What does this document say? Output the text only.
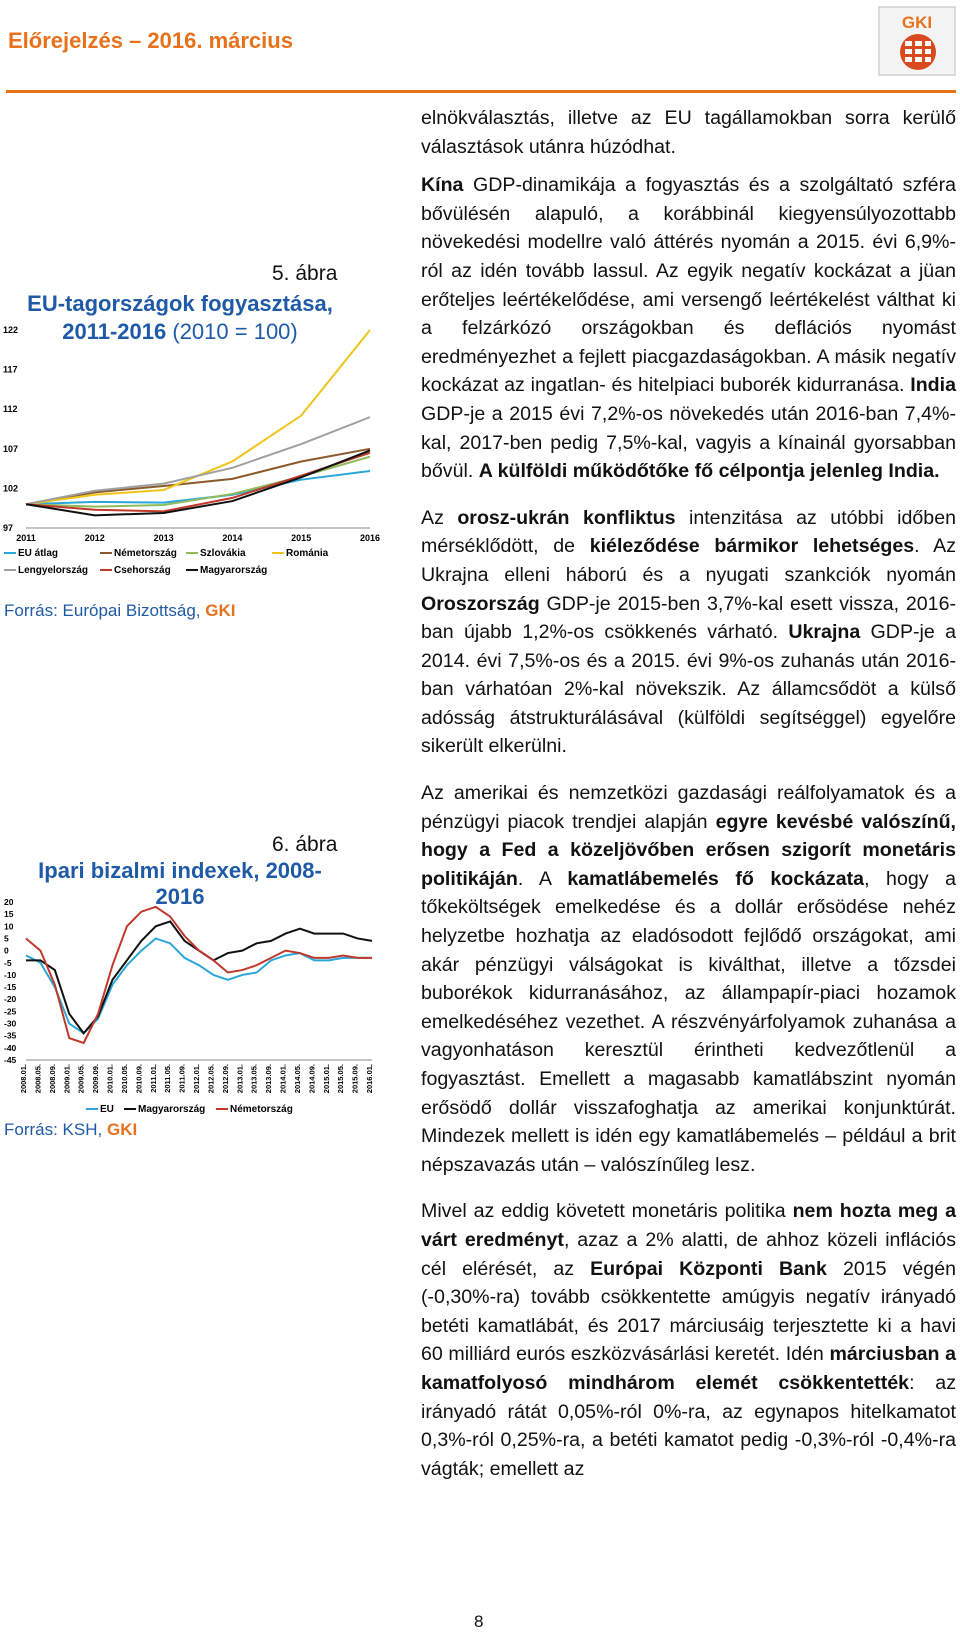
Előrejelzés – 2016. március
GKI
5. ábra
EU-tagországok fogyasztása,
2011-2016 (2010 = 100)
97
102
107
112
117
122
2011	2012	2013	2014	2015	2016
EU átlag	Németország Szlovákia	Románia
Lengyelország	Csehország	Magyarország
Forrás: Európai Bizottság, GKI
6. ábra
Ipari bizalmi indexek, 2008-2016
20
15
10
5
0
-5
-10
-15
-20
-25
-30
-35
-40
-45
2008.01. 2008.05. 2008.09. 2009.01. 2009.05. 2009.09. 2010.01. 2010.05. 2010.09. 2011.01. 2011.05. 2011.09. 2012.01. 2012.05. 2012.09. 2013.01. 2013.05. 2013.09. 2014.01. 2014.05. 2014.09. 2015.01. 2015.05. 2015.09. 2016.01.
EU Magyarország Németország
Forrás: KSH, GKI

elnökválasztás, illetve az EU tagállamokban sorra kerülő választások utánra húzódhat.

Kína GDP-dinamikája a fogyasztás és a szolgáltató szféra bővülésén alapuló, a korábbinál kiegyensúlyozottabb növekedési modellre való áttérés nyomán a 2015. évi 6,9%-ról az idén tovább lassul. Az egyik negatív kockázat a jüan erőteljes leértékelődése, ami versengő leértékelést válthat ki a felzárkózó országokban és deflációs nyomást eredményezhet a fejlett piacgazdaságokban. A másik negatív kockázat az ingatlan- és hitelpiaci buborék kidurranása. India GDP-je a 2015 évi 7,2%-os növekedés után 2016-ban 7,4%-kal, 2017-ben pedig 7,5%-kal, vagyis a kínainál gyorsabban bővül. A külföldi működőtőke fő célpontja jelenleg India.

Az orosz-ukrán konfliktus intenzitása az utóbbi időben mérséklődött, de kiéleződése bármikor lehetséges. Az Ukrajna elleni háború és a nyugati szankciók nyomán Oroszország GDP-je 2015-ben 3,7%-kal esett vissza, 2016-ban újabb 1,2%-os csökkenés várható. Ukrajna GDP-je a 2014. évi 7,5%-os és a 2015. évi 9%-os zuhanás után 2016-ban várhatóan 2%-kal növekszik. Az államcsődöt a külső adósság átstrukturálásával (külföldi segítséggel) egyelőre sikerült elkerülni.

Az amerikai és nemzetközi gazdasági reálfolyamatok és a pénzügyi piacok trendjei alapján egyre kevésbé valószínű, hogy a Fed a közeljövőben erősen szigorít monetáris politikáján. A kamatlábemelés fő kockázata, hogy a tőkeköltségek emelkedése és a dollár erősödése nehéz helyzetbe hozhatja az eladósodott fejlődő országokat, ami akár pénzügyi válságokat is kiválthat, illetve a tőzsdei buborékok kidurranásához, az állampapír-piaci hozamok emelkedéséhez vezethet. A részvényárfolyamok zuhanása a vagyonhatáson keresztül érintheti kedvezőtlenül a fogyasztást. Emellett a magasabb kamatlábszint nyomán erősödő dollár visszafoghatja az amerikai konjunktúrát. Mindezek mellett is idén egy kamatlábemelés – például a brit népszavazás után – valószínűleg lesz.

Mivel az eddig követett monetáris politika nem hozta meg a várt eredményt, azaz a 2% alatti, de ahhoz közeli inflációs cél elérését, az Európai Központi Bank 2015 végén (-0,30%-ra) tovább csökkentette amúgyis negatív irányadó betéti kamatlábát, és 2017 márciusáig terjesztette ki a havi 60 milliárd eurós eszközvásárlási keretét. Idén márciusban a kamatfolyosó mindhárom elemét csökkentették: az irányadó rátát 0,05%-ról 0%-ra, az egynapos hitelkamatot 0,3%-ról 0,25%-ra, a betéti kamatot pedig -0,3%-ról -0,4%-ra vágták; emellett az

8
